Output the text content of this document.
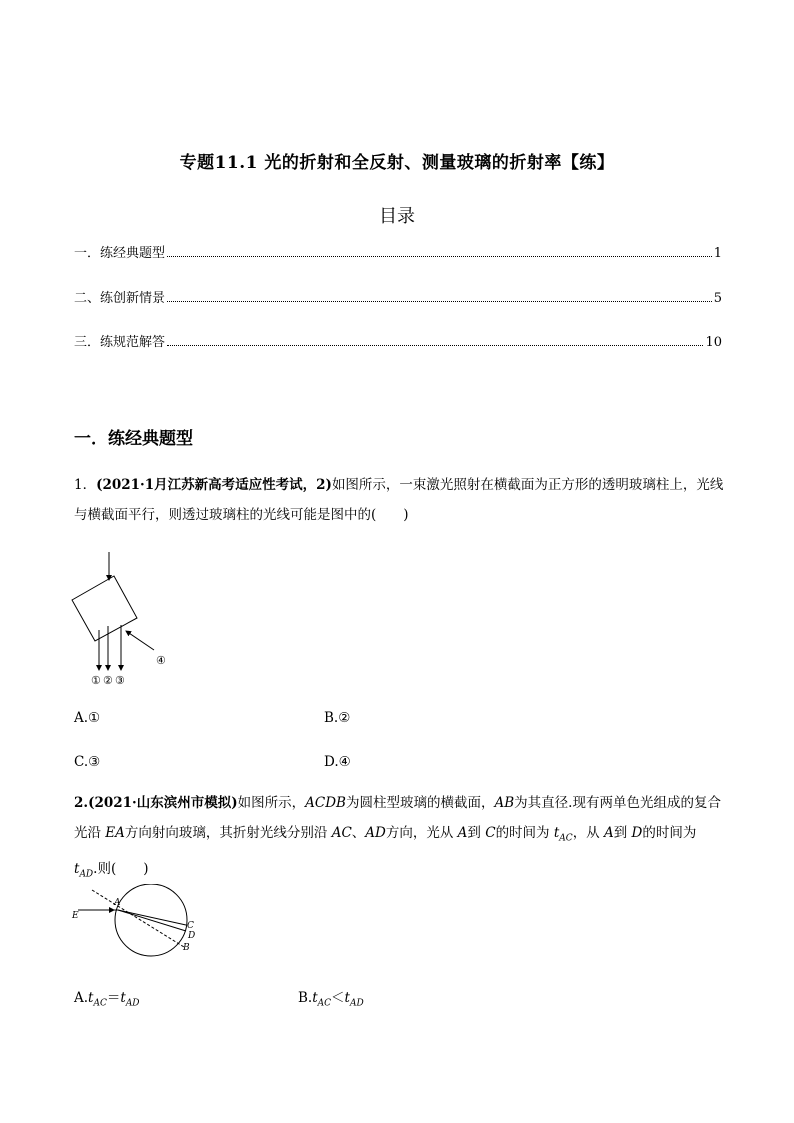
专题11.1 光的折射和全反射、测量玻璃的折射率【练】
目录
一．练经典题型	1
二、练创新情景	5
三．练规范解答	10
一．练经典题型
1．(2021·1月江苏新高考适应性考试，2)如图所示，一束激光照射在横截面为正方形的透明玻璃柱上，光线
与横截面平行，则透过玻璃柱的光线可能是图中的(　　)
④
① ② ③
A.①	B.②
C.③	D.④
2.(2021·山东滨州市模拟)如图所示，ACDB为圆柱型玻璃的横截面，AB为其直径.现有两单色光组成的复合
光沿 EA方向射向玻璃，其折射光线分别沿 AC、AD方向，光从 A到 C的时间为 $t_{AC}$，从 A到 D的时间为
$t_{AD}$.则(　　)
E
A
C
D
B
$A.t_{AC}=t_{AD}$	$B.t_{AC}<t_{AD}$
